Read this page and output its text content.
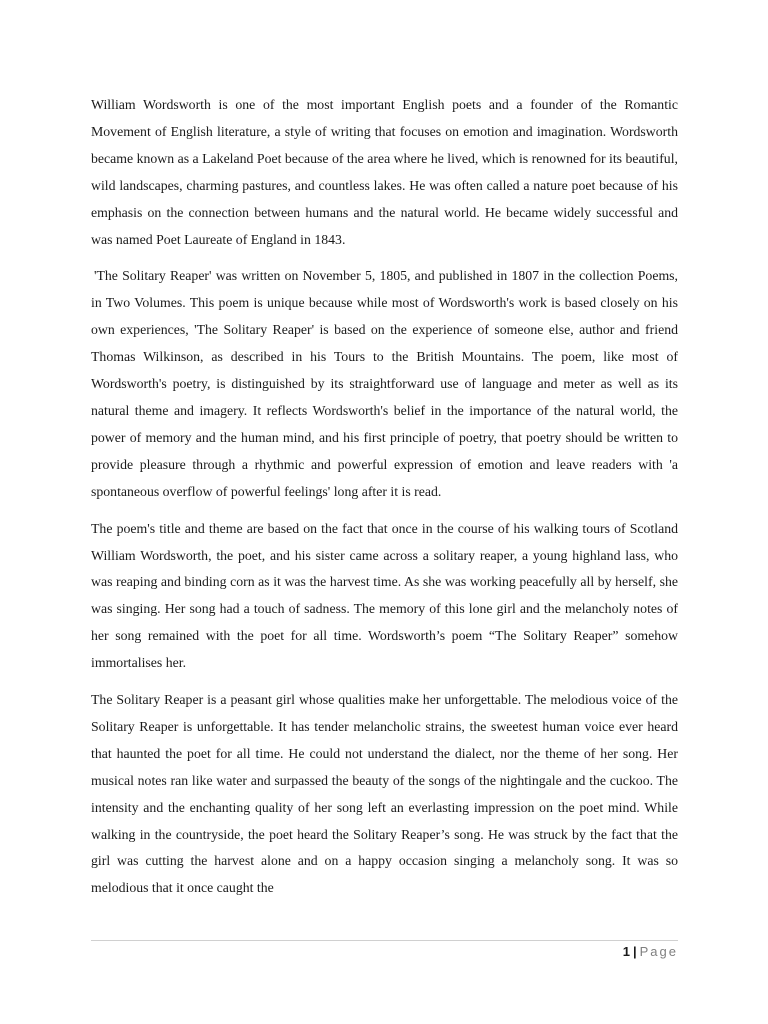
William Wordsworth is one of the most important English poets and a founder of the Romantic Movement of English literature, a style of writing that focuses on emotion and imagination. Wordsworth became known as a Lakeland Poet because of the area where he lived, which is renowned for its beautiful, wild landscapes, charming pastures, and countless lakes. He was often called a nature poet because of his emphasis on the connection between humans and the natural world. He became widely successful and was named Poet Laureate of England in 1843.

'The Solitary Reaper' was written on November 5, 1805, and published in 1807 in the collection Poems, in Two Volumes. This poem is unique because while most of Wordsworth's work is based closely on his own experiences, 'The Solitary Reaper' is based on the experience of someone else, author and friend Thomas Wilkinson, as described in his Tours to the British Mountains. The poem, like most of Wordsworth's poetry, is distinguished by its straightforward use of language and meter as well as its natural theme and imagery. It reflects Wordsworth's belief in the importance of the natural world, the power of memory and the human mind, and his first principle of poetry, that poetry should be written to provide pleasure through a rhythmic and powerful expression of emotion and leave readers with 'a spontaneous overflow of powerful feelings' long after it is read.

The poem's title and theme are based on the fact that once in the course of his walking tours of Scotland William Wordsworth, the poet, and his sister came across a solitary reaper, a young highland lass, who was reaping and binding corn as it was the harvest time. As she was working peacefully all by herself, she was singing. Her song had a touch of sadness. The memory of this lone girl and the melancholy notes of her song remained with the poet for all time. Wordsworth’s poem “The Solitary Reaper” somehow immortalises her.

The Solitary Reaper is a peasant girl whose qualities make her unforgettable. The melodious voice of the Solitary Reaper is unforgettable. It has tender melancholic strains, the sweetest human voice ever heard that haunted the poet for all time. He could not understand the dialect, nor the theme of her song. Her musical notes ran like water and surpassed the beauty of the songs of the nightingale and the cuckoo. The intensity and the enchanting quality of her song left an everlasting impression on the poet mind. While walking in the countryside, the poet heard the Solitary Reaper’s song. He was struck by the fact that the girl was cutting the harvest alone and on a happy occasion singing a melancholy song. It was so melodious that it once caught the

1 | Page
